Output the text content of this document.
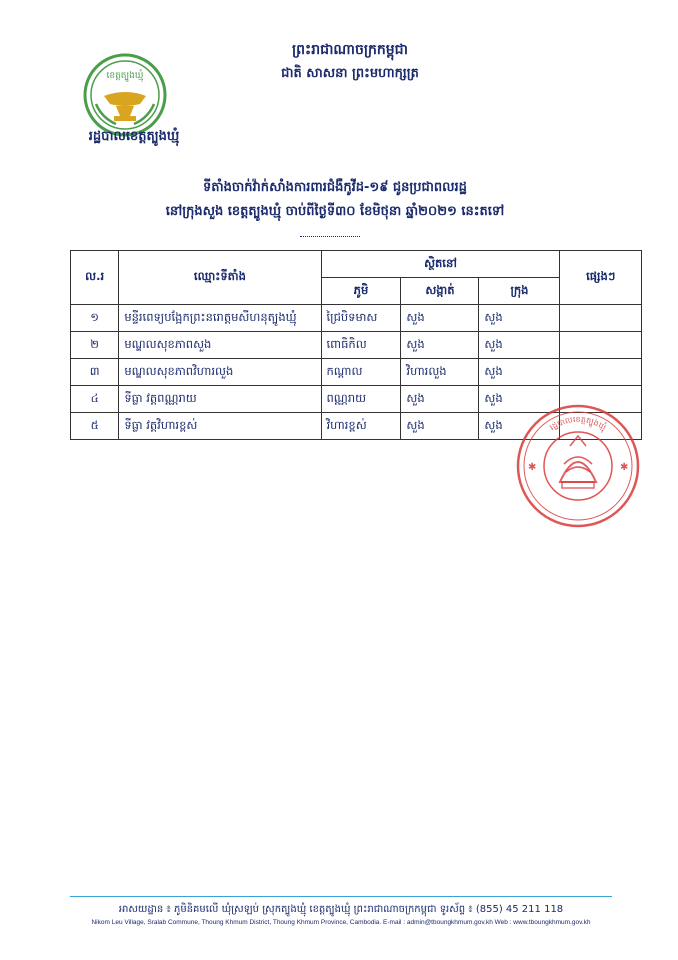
ខេត្តត្បូងឃ្មុំ
រដ្ឋបាលខេត្តត្បូងឃ្មុំ
ព្រះរាជាណាចក្រកម្ពុជា
ជាតិ សាសនា ព្រះមហាក្សត្រ
ទីតាំងចាក់វ៉ាក់សាំងការពារជំងឺកូវីដ-១៩ ជូនប្រជាពលរដ្ឋ
នៅក្រុងសួង ខេត្តត្បូងឃ្មុំ ចាប់ពីថ្ងៃទី៣០ ខែមិថុនា ឆ្នាំ២០២១ នេះតទៅ
ល.រ	ឈ្មោះទីតាំង	ស្ថិតនៅ			ផ្សេងៗ
		ភូមិ	សង្កាត់	ក្រុង	
១	មន្ទីរពេទ្យបង្អែកព្រះនរោត្តមសីហនុត្បូងឃ្មុំ	ជ្រៃបិទមាស	សួង	សួង	
២	មណ្ឌលសុខភាពសួង	ពោធិកិល	សួង	សួង	
៣	មណ្ឌលសុខភាពវិហារលួង	កណ្ដាល	វិហារលួង	សួង	
៤	ទីធ្លា វត្តពណ្ណរាយ	ពណ្ណរាយ	សួង	សួង	
៥	ទីធ្លា វត្តវិហារខ្ពស់	វិហារខ្ពស់	សួង	សួង	
✱	✱
រដ្ឋបាលខេត្តត្បូងឃ្មុំ
អាសយដ្ឋាន ៖ ភូមិនិគមលើ ឃុំស្រឡប់ ស្រុកត្បូងឃ្មុំ ខេត្តត្បូងឃ្មុំ ព្រះរាជាណាចក្រកម្ពុជា ទូរស័ព្ទ ៖ (855) 45 211 118
Nikom Leu Village, Sralab Commune, Thoung Khmum District, Thoung Khmum Province, Cambodia. E-mail : admin@tboungkhmum.gov.kh Web : www.tboungkhmum.gov.kh
